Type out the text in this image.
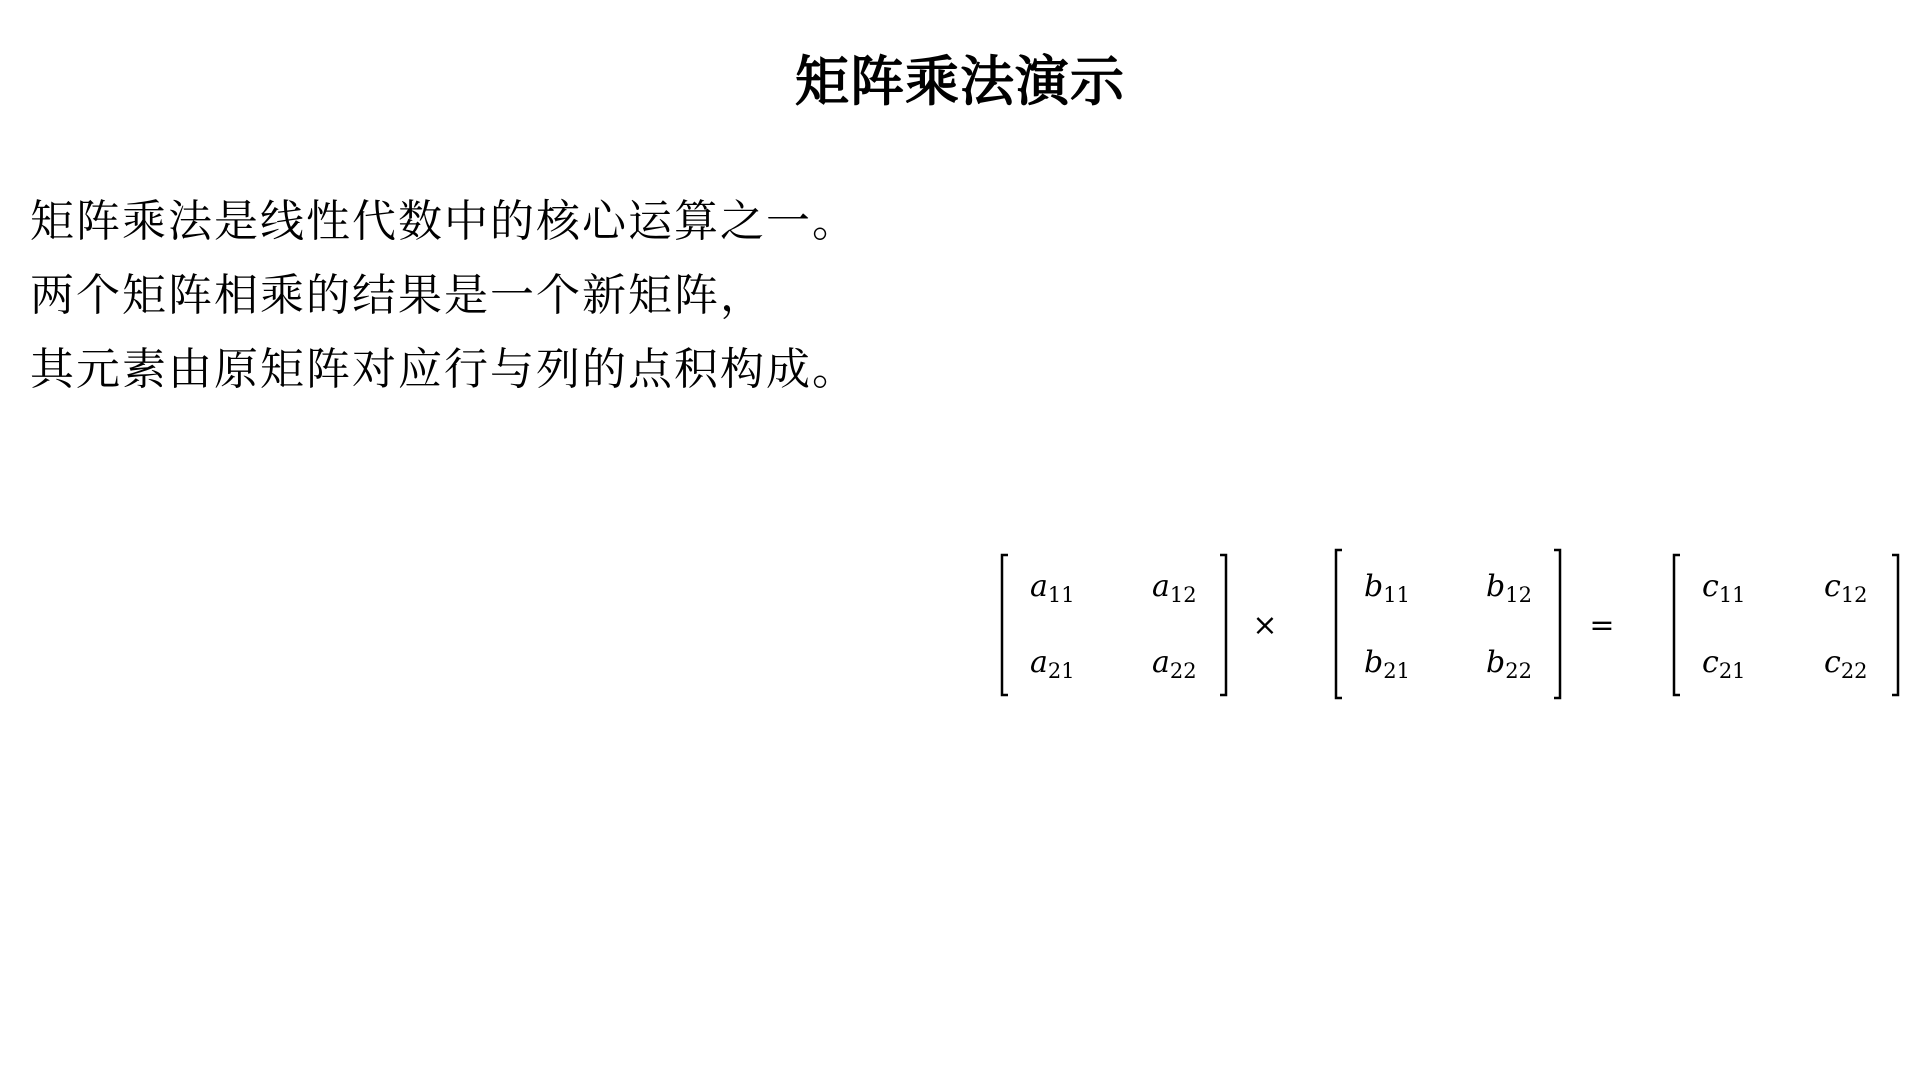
矩阵乘法演示
矩阵乘法是线性代数中的核心运算之一。
两个矩阵相乘的结果是一个新矩阵，
其元素由原矩阵对应行与列的点积构成。
a11	a12
a21	a22
×
b11	b12
b21	b22
=
c11	c12
c21	c22
